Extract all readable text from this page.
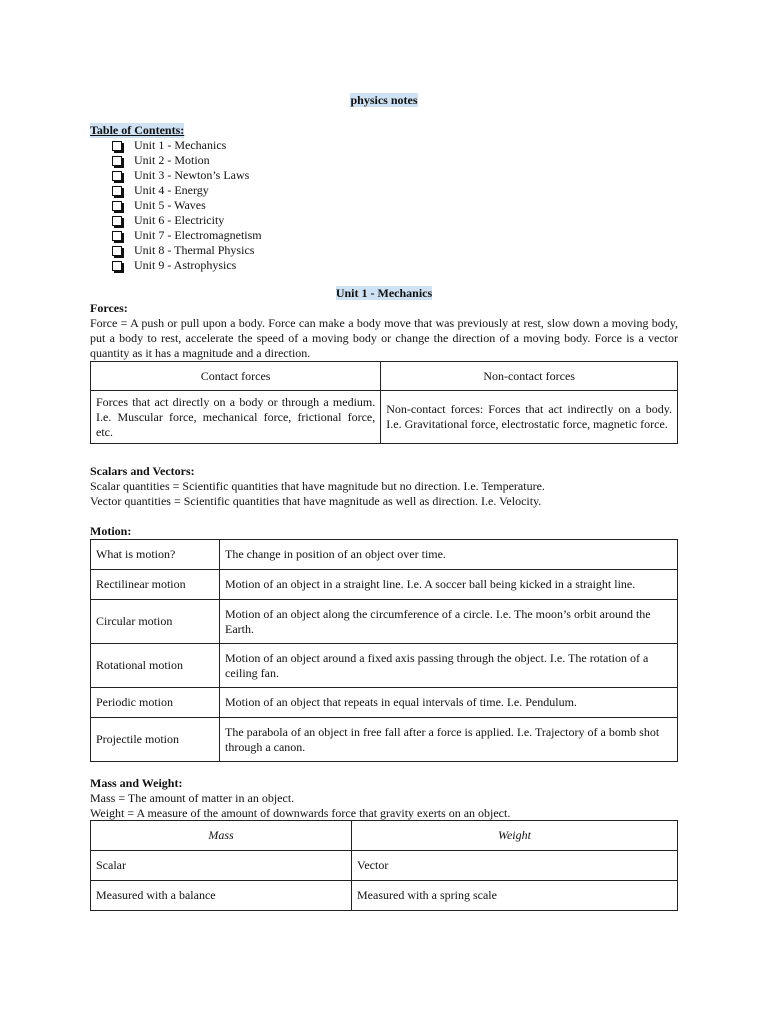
physics notes
Table of Contents:
Unit 1 - Mechanics
Unit 2 - Motion
Unit 3 - Newton’s Laws
Unit 4 - Energy
Unit 5 - Waves
Unit 6 - Electricity
Unit 7 - Electromagnetism
Unit 8 - Thermal Physics
Unit 9 - Astrophysics
Unit 1 - Mechanics
Forces:
Force = A push or pull upon a body. Force can make a body move that was previously at rest, slow down a moving body, put a body to rest, accelerate the speed of a moving body or change the direction of a moving body. Force is a vector quantity as it has a magnitude and a direction.
Contact forces	Non-contact forces
Forces that act directly on a body or through a medium. I.e. Muscular force, mechanical force, frictional force, etc.	Non-contact forces: Forces that act indirectly on a body. I.e. Gravitational force, electrostatic force, magnetic force.
Scalars and Vectors:
Scalar quantities = Scientific quantities that have magnitude but no direction. I.e. Temperature.
Vector quantities = Scientific quantities that have magnitude as well as direction. I.e. Velocity.
Motion:
What is motion?	The change in position of an object over time.
Rectilinear motion	Motion of an object in a straight line. I.e. A soccer ball being kicked in a straight line.
Circular motion	Motion of an object along the circumference of a circle. I.e. The moon’s orbit around the Earth.
Rotational motion	Motion of an object around a fixed axis passing through the object. I.e. The rotation of a ceiling fan.
Periodic motion	Motion of an object that repeats in equal intervals of time. I.e. Pendulum.
Projectile motion	The parabola of an object in free fall after a force is applied. I.e. Trajectory of a bomb shot through a canon.
Mass and Weight:
Mass = The amount of matter in an object.
Weight = A measure of the amount of downwards force that gravity exerts on an object.
Mass	Weight
Scalar	Vector
Measured with a balance	Measured with a spring scale
